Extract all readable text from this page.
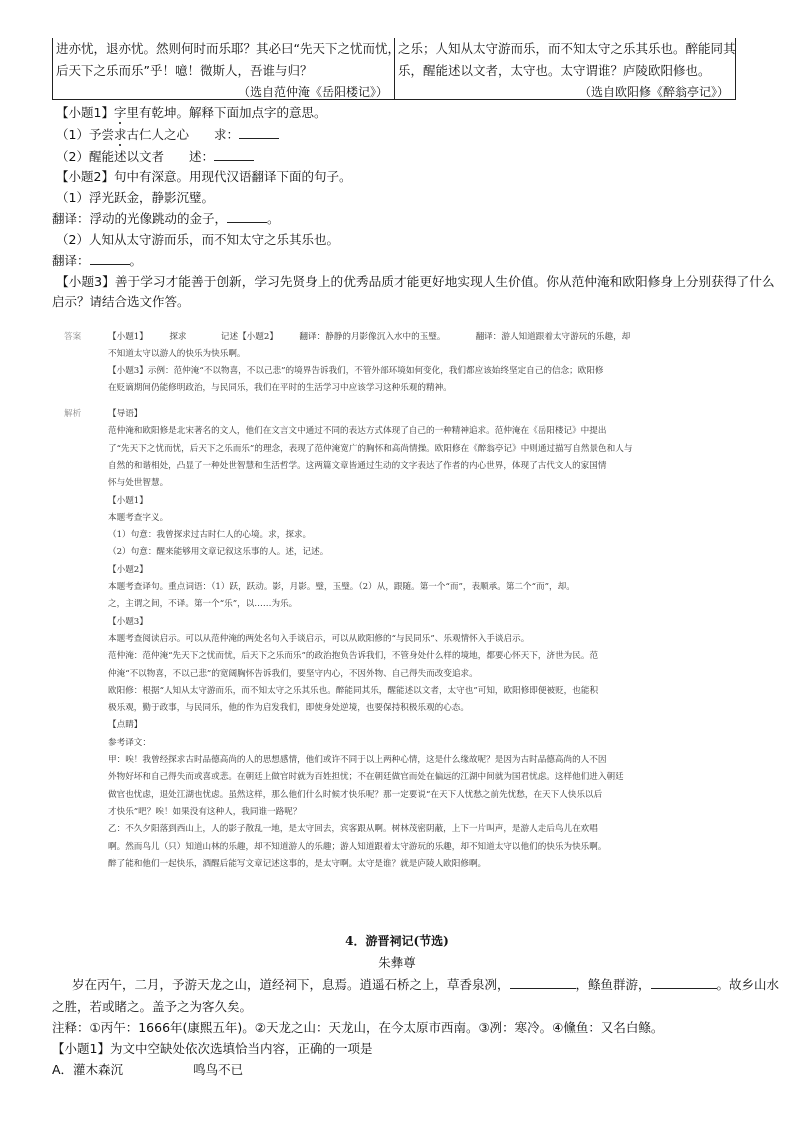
进亦忧，退亦忧。然则何时而乐耶？其必曰“先天下之忧而忧，
后天下之乐而乐”乎！噫！微斯人，吾谁与归？
（选自范仲淹《岳阳楼记》）
之乐；人知从太守游而乐，而不知太守之乐其乐也。醉能同其
乐，醒能述以文者，太守也。太守谓谁？庐陵欧阳修也。
（选自欧阳修《醉翁亭记》）
【小题1】字里有乾坤。解释下面加点字的意思。
（1）予尝求古仁人之心　　求：
（2）醒能述以文者　　述：
【小题2】句中有深意。用现代汉语翻译下面的句子。
（1）浮光跃金，静影沉璧。
翻译：浮动的光像跳动的金子，	。
（2）人知从太守游而乐，而不知太守之乐其乐也。
翻译：	。
【小题3】善于学习才能善于创新，学习先贤身上的优秀品质才能更好地实现人生价值。你从范仲淹和欧阳修身上分别获得了什么
启示？请结合选文作答。
答案	【小题1】　　　探求　　　　记述【小题2】　　　翻译：静静的月影像沉入水中的玉璧。　　　　翻译：游人知道跟着太守游玩的乐趣，却
不知道太守以游人的快乐为快乐啊。
【小题3】示例：范仲淹“不以物喜，不以己悲”的境界告诉我们，不管外部环境如何变化，我们都应该始终坚定自己的信念；欧阳修
在贬谪期间仍能修明政治，与民同乐，我们在平时的生活学习中应该学习这种乐观的精神。
解析	【导语】
范仲淹和欧阳修是北宋著名的文人，他们在文言文中通过不同的表达方式体现了自己的一种精神追求。范仲淹在《岳阳楼记》中提出
了“先天下之忧而忧，后天下之乐而乐”的理念，表现了范仲淹宽广的胸怀和高尚情操。欧阳修在《醉翁亭记》中则通过描写自然景色和人与
自然的和谐相处，凸显了一种处世智慧和生活哲学。这两篇文章皆通过生动的文字表达了作者的内心世界，体现了古代文人的家国情
怀与处世智慧。
【小题1】
本题考查字义。
（1）句意：我曾探求过古时仁人的心境。求，探求。
（2）句意：醒来能够用文章记叙这乐事的人。述，记述。
【小题2】
本题考查译句。重点词语：（1）跃，跃动。影，月影。璧，玉璧。（2）从，跟随。第一个“而”，表顺承。第二个“而”，却。
之，主谓之间，不译。第一个“乐”，以……为乐。
【小题3】
本题考查阅读启示。可以从范仲淹的两处名句入手谈启示，可以从欧阳修的“与民同乐”、乐观情怀入手谈启示。
范仲淹：范仲淹“先天下之忧而忧，后天下之乐而乐”的政治抱负告诉我们，不管身处什么样的境地，都要心怀天下，济世为民。范
仲淹“不以物喜，不以己悲”的宽阔胸怀告诉我们，要坚守内心，不因外物、自己得失而改变追求。
欧阳修：根据“人知从太守游而乐，而不知太守之乐其乐也。醉能同其乐，醒能述以文者，太守也”可知，欧阳修即便被贬，也能积
极乐观，勤于政事，与民同乐，他的作为启发我们，即使身处逆境，也要保持积极乐观的心态。
【点睛】
参考译文：
甲：唉！我曾经探求古时品德高尚的人的思想感情，他们或许不同于以上两种心情，这是什么缘故呢？是因为古时品德高尚的人不因
外物好坏和自己得失而或喜或悲。在朝廷上做官时就为百姓担忧；不在朝廷做官而处在偏远的江湖中间就为国君忧虑。这样他们进入朝廷
做官也忧虑，退处江湖也忧虑。虽然这样，那么他们什么时候才快乐呢？那一定要说“在天下人忧愁之前先忧愁，在天下人快乐以后
才快乐”吧？唉！如果没有这种人，我同谁一路呢？
乙：不久夕阳落到西山上，人的影子散乱一地，是太守回去，宾客跟从啊。树林茂密阴蔽，上下一片叫声，是游人走后鸟儿在欢唱
啊。然而鸟儿（只）知道山林的乐趣，却不知道游人的乐趣；游人知道跟着太守游玩的乐趣，却不知道太守以他们的快乐为快乐啊。
醉了能和他们一起快乐，酒醒后能写文章记述这事的，是太守啊。太守是谁？就是庐陵人欧阳修啊。
4．游晋祠记(节选)
朱彝尊
岁在丙午，二月，予游天龙之山，道经祠下，息焉。逍遥石桥之上，草香泉冽，	，鲦鱼群游，	。故乡山水
之胜，若或睹之。盖予之为客久矣。
注释：①丙午：1666年(康熙五年)。②天龙之山：天龙山，在今太原市西南。③冽：寒冷。④儵鱼：又名白鲦。
【小题1】为文中空缺处依次选填恰当内容，正确的一项是
A．灌木森沉	鸣鸟不已
